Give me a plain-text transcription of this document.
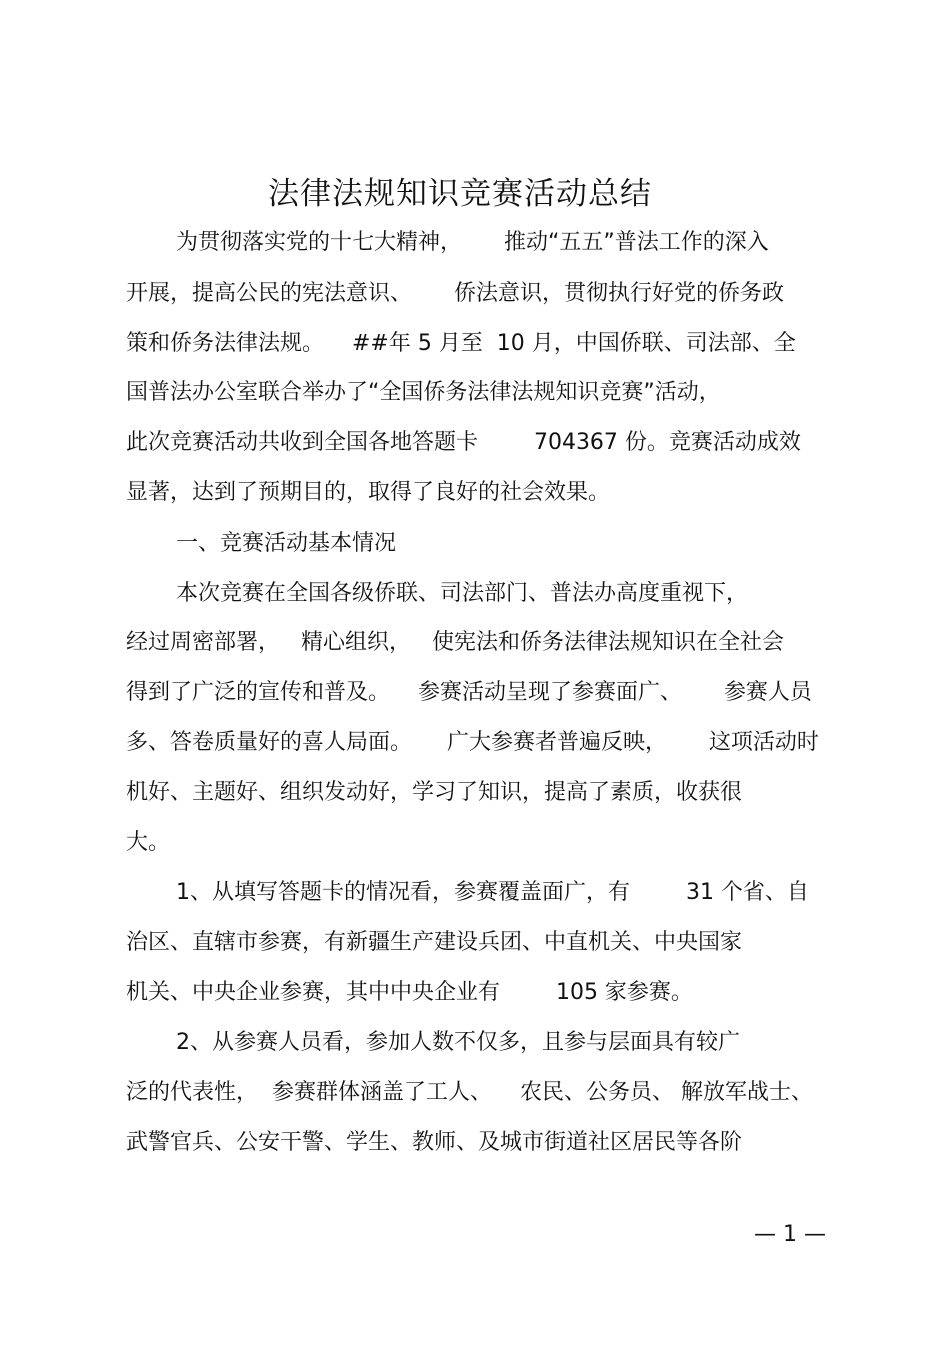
法律法规知识竞赛活动总结
为贯彻落实党的十七大精神，      推动“五五”普法工作的深入
开展，提高公民的宪法意识、      侨法意识，贯彻执行好党的侨务政
策和侨务法律法规。    ##年 5 月至  10 月，中国侨联、司法部、全
国普法办公室联合举办了“全国侨务法律法规知识竞赛”活动，
此次竞赛活动共收到全国各地答题卡        704367 份。竞赛活动成效
显著，达到了预期目的，取得了良好的社会效果。
一、竞赛活动基本情况
本次竞赛在全国各级侨联、司法部门、普法办高度重视下，
经过周密部署，   精心组织，   使宪法和侨务法律法规知识在全社会
得到了广泛的宣传和普及。    参赛活动呈现了参赛面广、      参赛人员
多、答卷质量好的喜人局面。     广大参赛者普遍反映，      这项活动时
机好、主题好、组织发动好，学习了知识，提高了素质，收获很
大。
1、从填写答题卡的情况看，参赛覆盖面广，有        31 个省、自
治区、直辖市参赛，有新疆生产建设兵团、中直机关、中央国家
机关、中央企业参赛，其中中央企业有        105 家参赛。
2、从参赛人员看，参加人数不仅多，且参与层面具有较广
泛的代表性，  参赛群体涵盖了工人、    农民、公务员、 解放军战士、
武警官兵、公安干警、学生、教师、及城市街道社区居民等各阶
— 1 —
